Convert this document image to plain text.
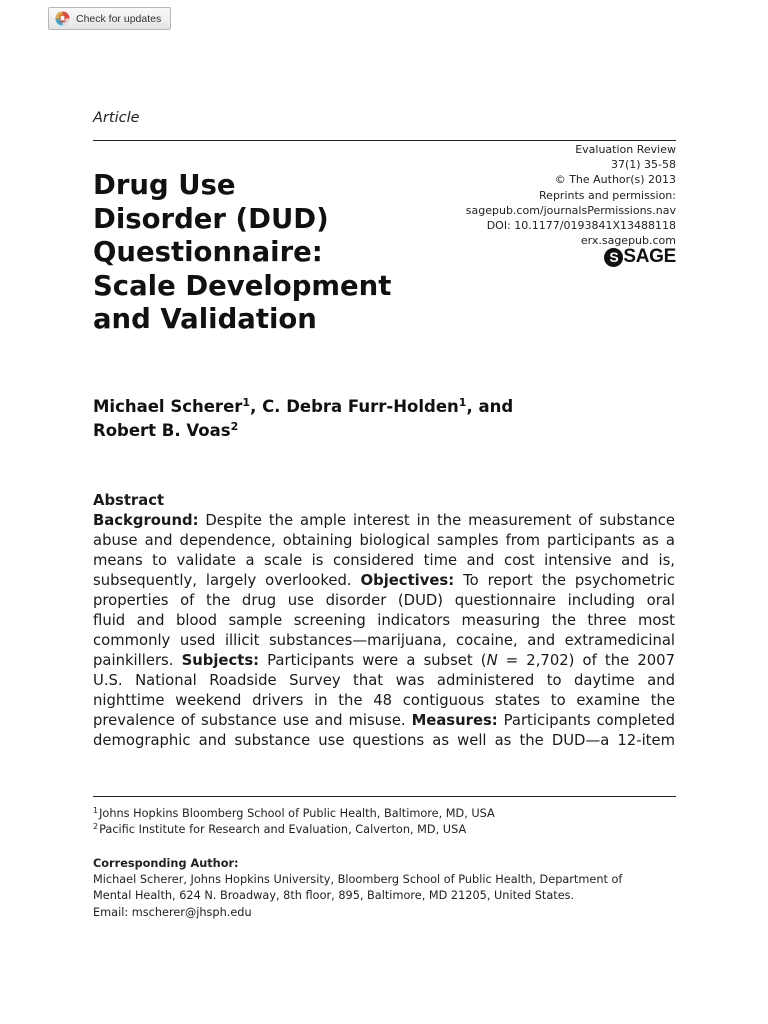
Check for updates
Article
Evaluation Review
37(1) 35-58
© The Author(s) 2013
Reprints and permission:
sagepub.com/journalsPermissions.nav
DOI: 10.1177/0193841X13488118
erx.sagepub.com
S SAGE
Drug Use
Disorder (DUD)
Questionnaire:
Scale Development
and Validation
Michael Scherer$^1$, C. Debra Furr-Holden$^1$, and
Robert B. Voas$^2$
Abstract
Background: Despite the ample interest in the measurement of substance
abuse and dependence, obtaining biological samples from participants as a
means to validate a scale is considered time and cost intensive and is,
subsequently, largely overlooked. Objectives: To report the psychometric
properties of the drug use disorder (DUD) questionnaire including oral
fluid and blood sample screening indicators measuring the three most
commonly used illicit substances—marijuana, cocaine, and extramedicinal
painkillers. Subjects: Participants were a subset (N = 2,702) of the 2007
U.S. National Roadside Survey that was administered to daytime and
nighttime weekend drivers in the 48 contiguous states to examine the
prevalence of substance use and misuse. Measures: Participants completed
demographic and substance use questions as well as the DUD—a 12-item
$^1$Johns Hopkins Bloomberg School of Public Health, Baltimore, MD, USA
$^2$Pacific Institute for Research and Evaluation, Calverton, MD, USA
Corresponding Author:
Michael Scherer, Johns Hopkins University, Bloomberg School of Public Health, Department of
Mental Health, 624 N. Broadway, 8th floor, 895, Baltimore, MD 21205, United States.
Email: mscherer@jhsph.edu
